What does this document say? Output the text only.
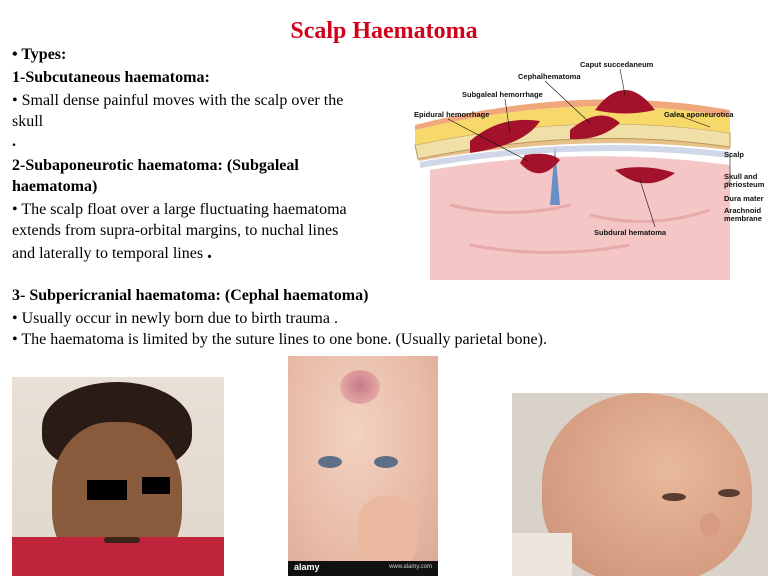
Scalp Haematoma
• Types:
1-Subcutaneous haematoma:
• Small dense painful moves with the scalp over the
skull
.
2-Subaponeurotic haematoma: (Subgaleal
haematoma)
• The scalp float over a large fluctuating haematoma
extends from supra-orbital margins, to nuchal lines
and laterally to temporal lines .
3- Subpericranial haematoma: (Cephal haematoma)
• Usually occur in newly born due to birth trauma .
• The haematoma is limited by the suture lines to one bone. (Usually parietal bone).
Caput succedaneum
Cephalhematoma
Subgaleal hemorrhage
Epidural hemorrhage	Galea aponeurotica
Scalp
Skull and
periosteum
Dura mater
Arachnoid
membrane
Subdural hematoma
alamy	www.alamy.com
